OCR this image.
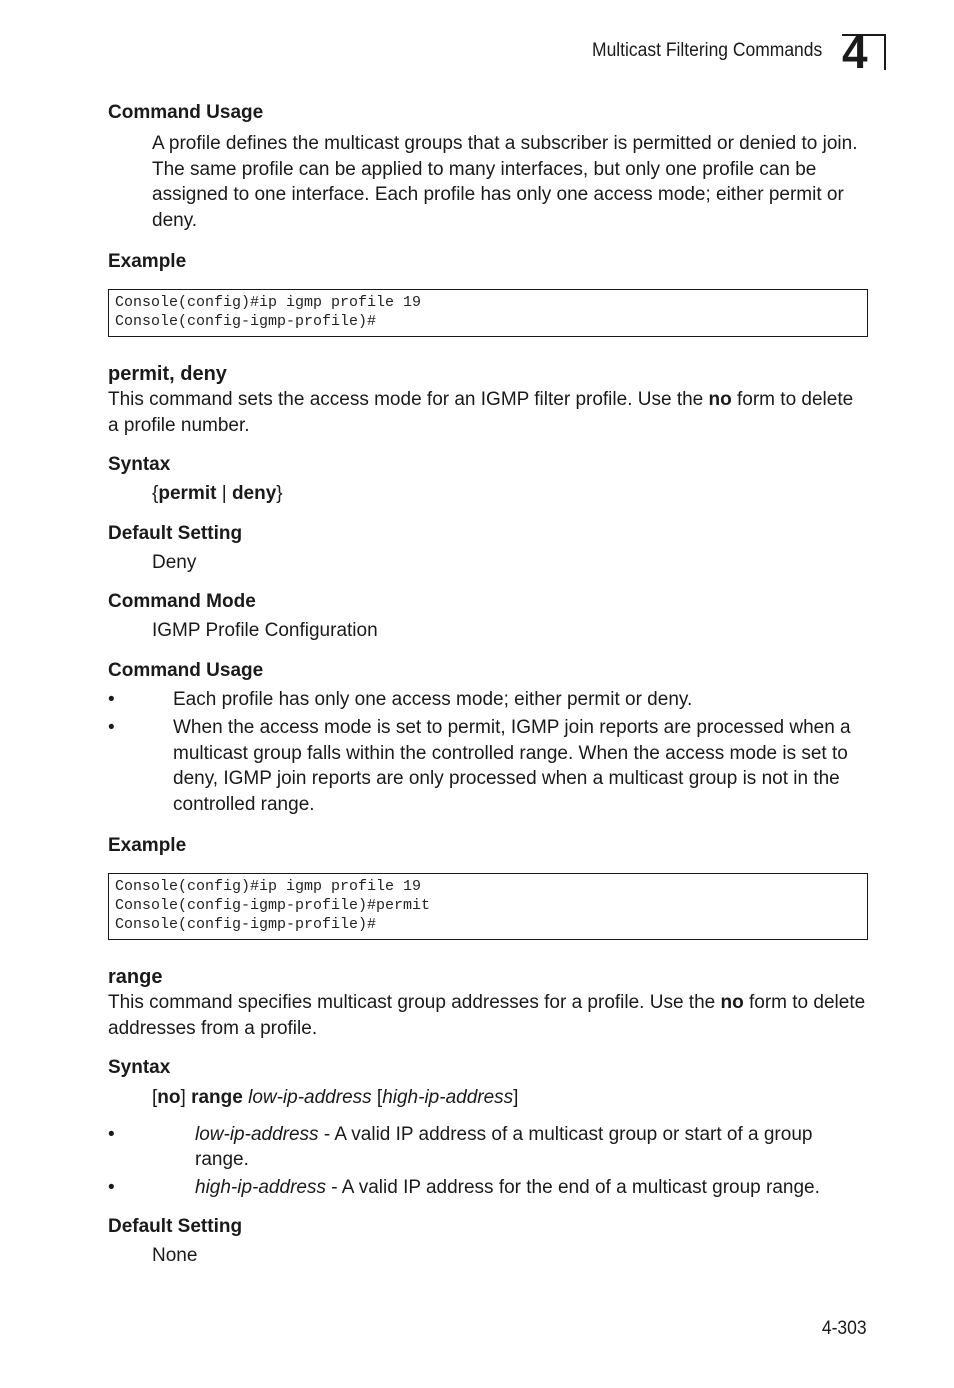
Multicast Filtering Commands 4

Command Usage

A profile defines the multicast groups that a subscriber is permitted or denied to join. The same profile can be applied to many interfaces, but only one profile can be assigned to one interface. Each profile has only one access mode; either permit or deny.

Example

Console(config)#ip igmp profile 19
Console(config-igmp-profile)#

permit, deny

This command sets the access mode for an IGMP filter profile. Use the no form to delete a profile number.

Syntax

{permit | deny}

Default Setting

Deny

Command Mode

IGMP Profile Configuration

Command Usage

•	Each profile has only one access mode; either permit or deny.
•	When the access mode is set to permit, IGMP join reports are processed when a multicast group falls within the controlled range. When the access mode is set to deny, IGMP join reports are only processed when a multicast group is not in the controlled range.

Example

Console(config)#ip igmp profile 19
Console(config-igmp-profile)#permit
Console(config-igmp-profile)#

range

This command specifies multicast group addresses for a profile. Use the no form to delete addresses from a profile.

Syntax

[no] range low-ip-address [high-ip-address]

•	low-ip-address - A valid IP address of a multicast group or start of a group range.
•	high-ip-address - A valid IP address for the end of a multicast group range.

Default Setting

None

4-303
